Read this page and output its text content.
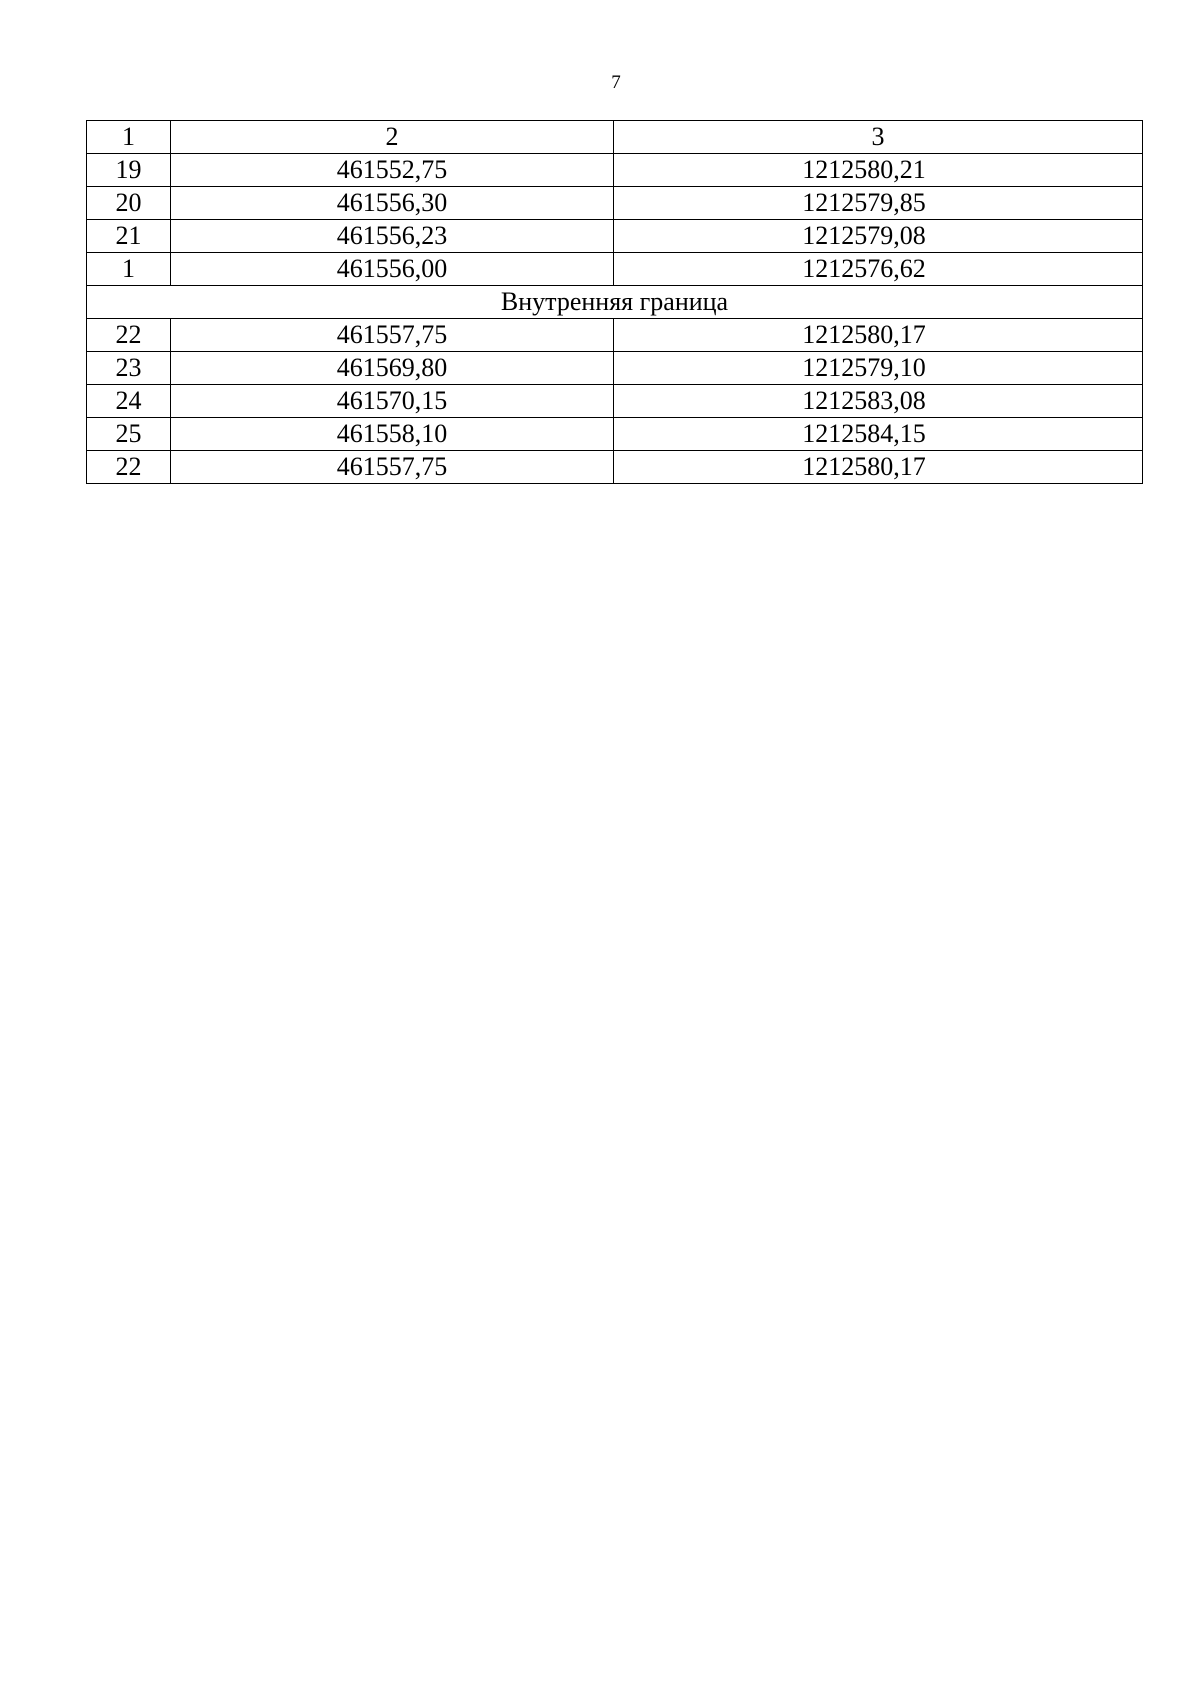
7
1	2	3
19	461552,75	1212580,21
20	461556,30	1212579,85
21	461556,23	1212579,08
1	461556,00	1212576,62
Внутренняя граница		
22	461557,75	1212580,17
23	461569,80	1212579,10
24	461570,15	1212583,08
25	461558,10	1212584,15
22	461557,75	1212580,17
